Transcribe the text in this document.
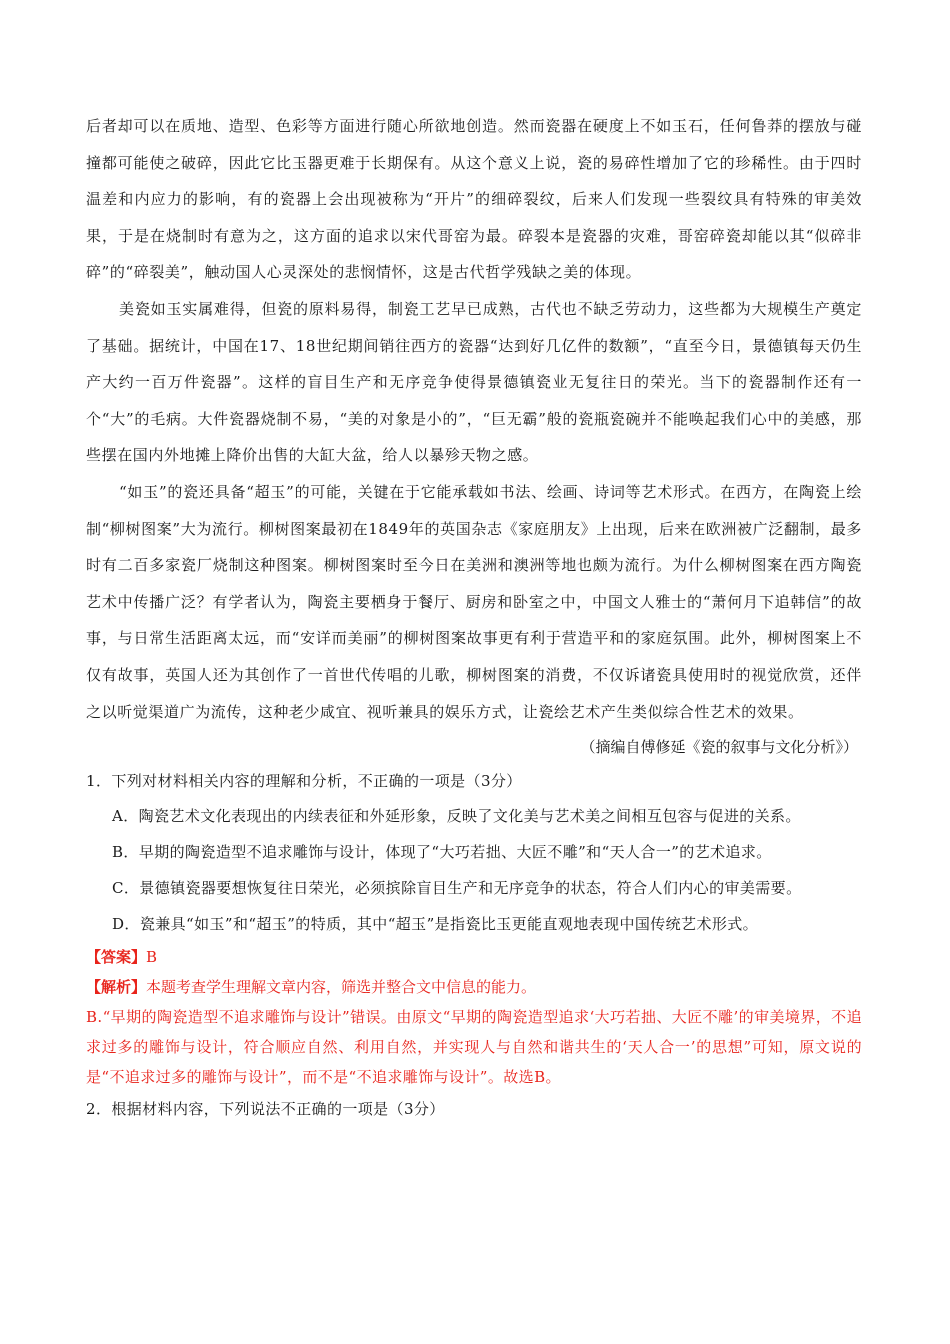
后者却可以在质地、造型、色彩等方面进行随心所欲地创造。然而瓷器在硬度上不如玉石，任何鲁莽的摆放与碰撞都可能使之破碎，因此它比玉器更难于长期保有。从这个意义上说，瓷的易碎性增加了它的珍稀性。由于四时温差和内应力的影响，有的瓷器上会出现被称为“开片”的细碎裂纹，后来人们发现一些裂纹具有特殊的审美效果，于是在烧制时有意为之，这方面的追求以宋代哥窑为最。碎裂本是瓷器的灾难，哥窑碎瓷却能以其“似碎非碎”的“碎裂美”，触动国人心灵深处的悲悯情怀，这是古代哲学残缺之美的体现。

美瓷如玉实属难得，但瓷的原料易得，制瓷工艺早已成熟，古代也不缺乏劳动力，这些都为大规模生产奠定了基础。据统计，中国在17、18世纪期间销往西方的瓷器“达到好几亿件的数额”，“直至今日，景德镇每天仍生产大约一百万件瓷器”。这样的盲目生产和无序竞争使得景德镇瓷业无复往日的荣光。当下的瓷器制作还有一个“大”的毛病。大件瓷器烧制不易，“美的对象是小的”，“巨无霸”般的瓷瓶瓷碗并不能唤起我们心中的美感，那些摆在国内外地摊上降价出售的大缸大盆，给人以暴殄天物之感。

“如玉”的瓷还具备“超玉”的可能，关键在于它能承载如书法、绘画、诗词等艺术形式。在西方，在陶瓷上绘制“柳树图案”大为流行。柳树图案最初在1849年的英国杂志《家庭朋友》上出现，后来在欧洲被广泛翻制，最多时有二百多家瓷厂烧制这种图案。柳树图案时至今日在美洲和澳洲等地也颇为流行。为什么柳树图案在西方陶瓷艺术中传播广泛？有学者认为，陶瓷主要栖身于餐厅、厨房和卧室之中，中国文人雅士的“萧何月下追韩信”的故事，与日常生活距离太远，而“安详而美丽”的柳树图案故事更有利于营造平和的家庭氛围。此外，柳树图案上不仅有故事，英国人还为其创作了一首世代传唱的儿歌，柳树图案的消费，不仅诉诸瓷具使用时的视觉欣赏，还伴之以听觉渠道广为流传，这种老少咸宜、视听兼具的娱乐方式，让瓷绘艺术产生类似综合性艺术的效果。

（摘编自傅修延《瓷的叙事与文化分析》）

1．下列对材料相关内容的理解和分析，不正确的一项是（3分）

A．陶瓷艺术文化表现出的内续表征和外延形象，反映了文化美与艺术美之间相互包容与促进的关系。

B．早期的陶瓷造型不追求雕饰与设计，体现了“大巧若拙、大匠不雕”和“天人合一”的艺术追求。

C．景德镇瓷器要想恢复往日荣光，必须摈除盲目生产和无序竞争的状态，符合人们内心的审美需要。

D．瓷兼具“如玉”和“超玉”的特质，其中“超玉”是指瓷比玉更能直观地表现中国传统艺术形式。

【答案】B

【解析】本题考查学生理解文章内容，筛选并整合文中信息的能力。

B.“早期的陶瓷造型不追求雕饰与设计”错误。由原文“早期的陶瓷造型追求‘大巧若拙、大匠不雕’的审美境界，不追求过多的雕饰与设计，符合顺应自然、利用自然，并实现人与自然和谐共生的‘天人合一’的思想”可知，原文说的是“不追求过多的雕饰与设计”，而不是“不追求雕饰与设计”。故选B。

2．根据材料内容，下列说法不正确的一项是（3分）
